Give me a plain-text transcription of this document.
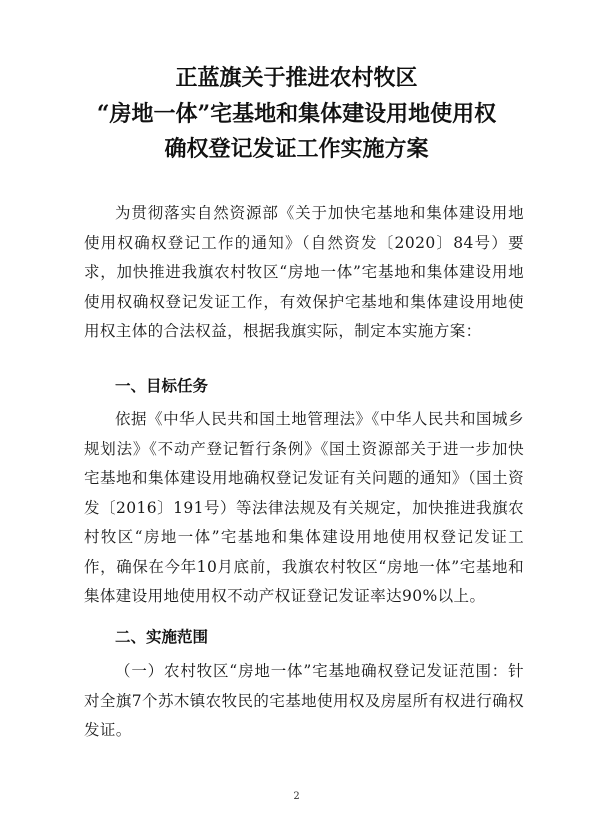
正蓝旗关于推进农村牧区
“房地一体”宅基地和集体建设用地使用权
确权登记发证工作实施方案
为贯彻落实自然资源部《关于加快宅基地和集体建设用地使用权确权登记工作的通知》（自然资发〔2020〕84号）要求，加快推进我旗农村牧区“房地一体”宅基地和集体建设用地使用权确权登记发证工作，有效保护宅基地和集体建设用地使用权主体的合法权益，根据我旗实际，制定本实施方案：
一、目标任务
依据《中华人民共和国土地管理法》《中华人民共和国城乡规划法》《不动产登记暂行条例》《国土资源部关于进一步加快宅基地和集体建设用地确权登记发证有关问题的通知》（国土资发〔2016〕191号）等法律法规及有关规定，加快推进我旗农村牧区“房地一体”宅基地和集体建设用地使用权登记发证工作，确保在今年10月底前，我旗农村牧区“房地一体”宅基地和集体建设用地使用权不动产权证登记发证率达90%以上。
二、实施范围
（一）农村牧区“房地一体”宅基地确权登记发证范围：针对全旗7个苏木镇农牧民的宅基地使用权及房屋所有权进行确权发证。
2
